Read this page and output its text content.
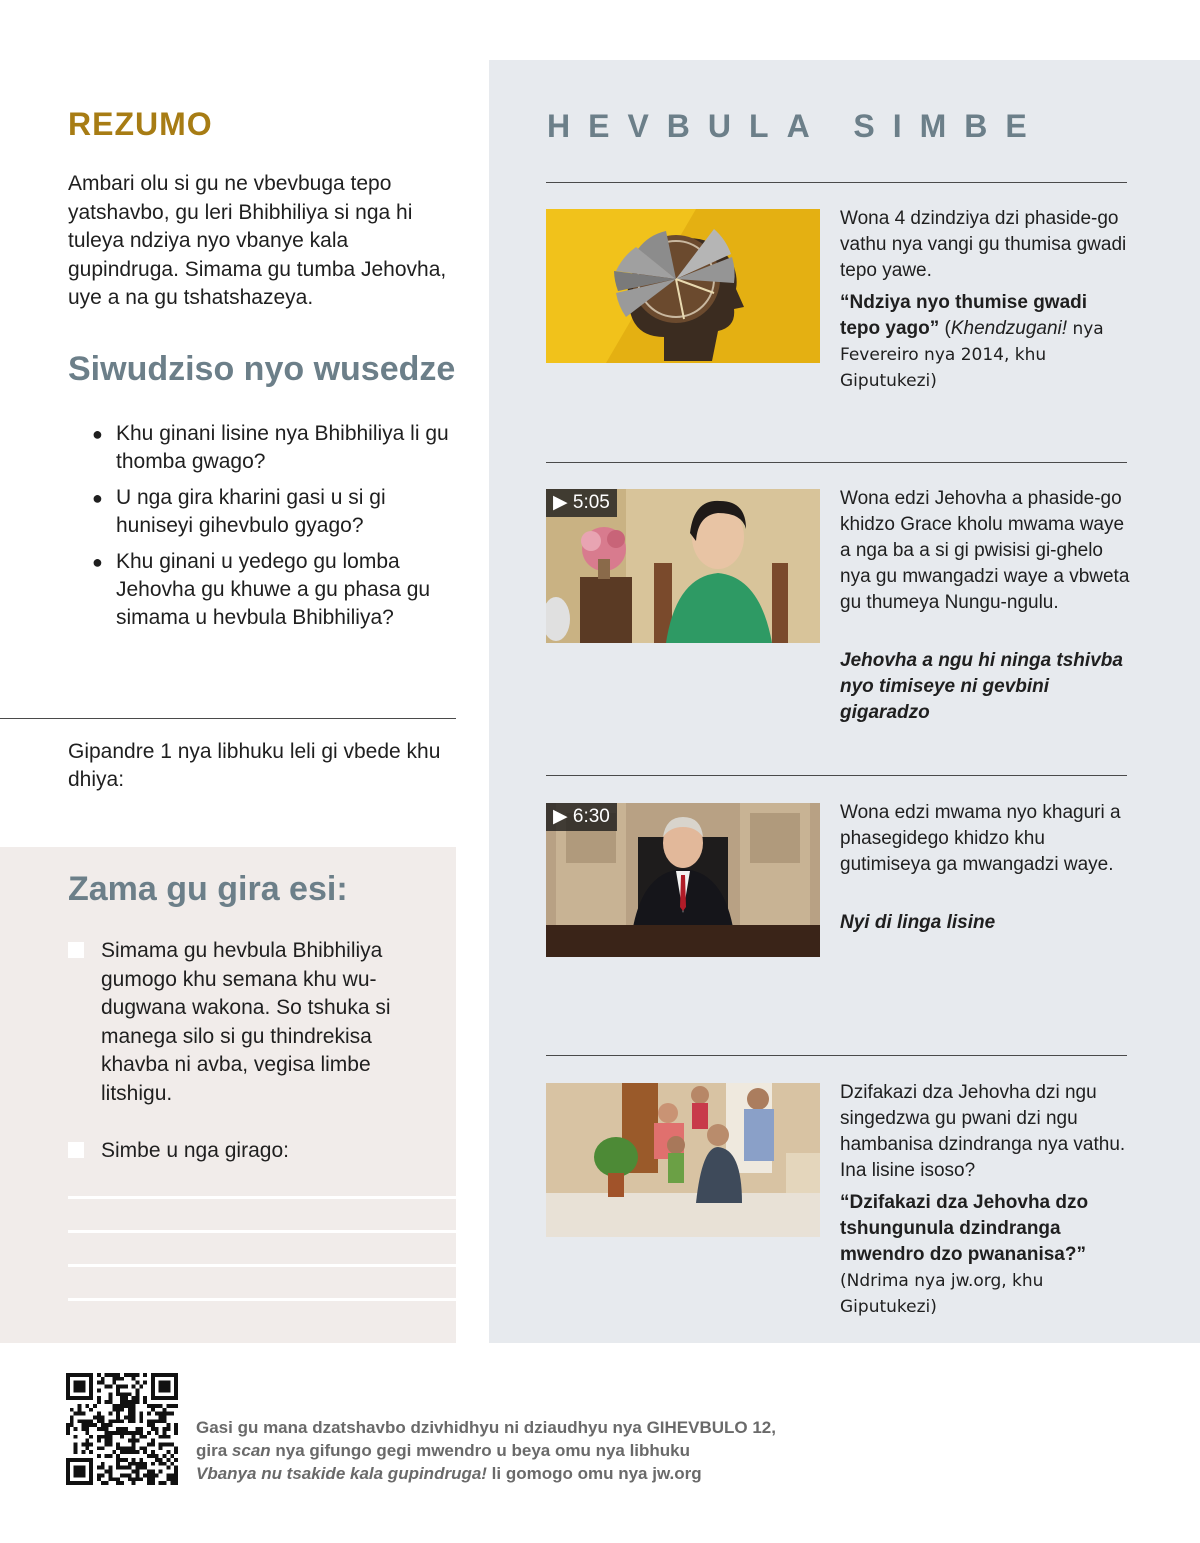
REZUMO

Ambari olu si gu ne vbevbuga tepo yatshavbo, gu leri Bhibhiliya si nga hi tuleya ndziya nyo vbanye kala gupindruga. Simama gu tumba Jehovha, uye a na gu tshatshazeya.

Siwudziso nyo wusedze
● Khu ginani lisine nya Bhibhiliya li gu thomba gwago?
● U nga gira kharini gasi u si gi huniseyi gihevbulo gyago?
● Khu ginani u yedego gu lomba Jehovha gu khuwe a gu phasa gu simama u hevbula Bhibhiliya?

Gipandre 1 nya libhuku leli gi vbede khu dhiya:

Zama gu gira esi:
Simama gu hevbula Bhibhiliya gumogo khu semana khu wu-dugwana wakona. So tshuka si manega silo si gu thindrekisa khavba ni avba, vegisa limbe litshigu.
Simbe u nga girago:
HEVBULA SIMBE

Wona 4 dzindziya dzi phaside-go vathu nya vangi gu thumisa gwadi tepo yawe.

“Ndziya nyo thumise gwadi tepo yago” (Khendzugani! nya Fevereiro nya 2014, khu Giputukezi)

▶ 5:05	Wona edzi Jehovha a phaside-go khidzo Grace kholu mwama waye a nga ba a si gi pwisisi gi-ghelo nya gu mwangadzi waye a vbweta gu thumeya Nungu-ngulu.

Jehovha a ngu hi ninga tshivba nyo timiseye ni gevbini gigaradzo

▶ 6:30	Wona edzi mwama nyo khaguri a phasegidego khidzo khu gutimiseya ga mwangadzi waye.

Nyi di linga lisine

Dzifakazi dza Jehovha dzi ngu singedzwa gu pwani dzi ngu hambanisa dzindranga nya vathu. Ina lisine isoso?

“Dzifakazi dza Jehovha dzo tshungunula dzindranga mwendro dzo pwananisa?”
(Ndrima nya jw.org, khu Giputukezi)

Gasi gu mana dzatshavbo dzivhidhyu ni dziaudhyu nya GIHEVBULO 12,
gira scan nya gifungo gegi mwendro u beya omu nya libhuku
Vbanya nu tsakide kala gupindruga! li gomogo omu nya jw.org
